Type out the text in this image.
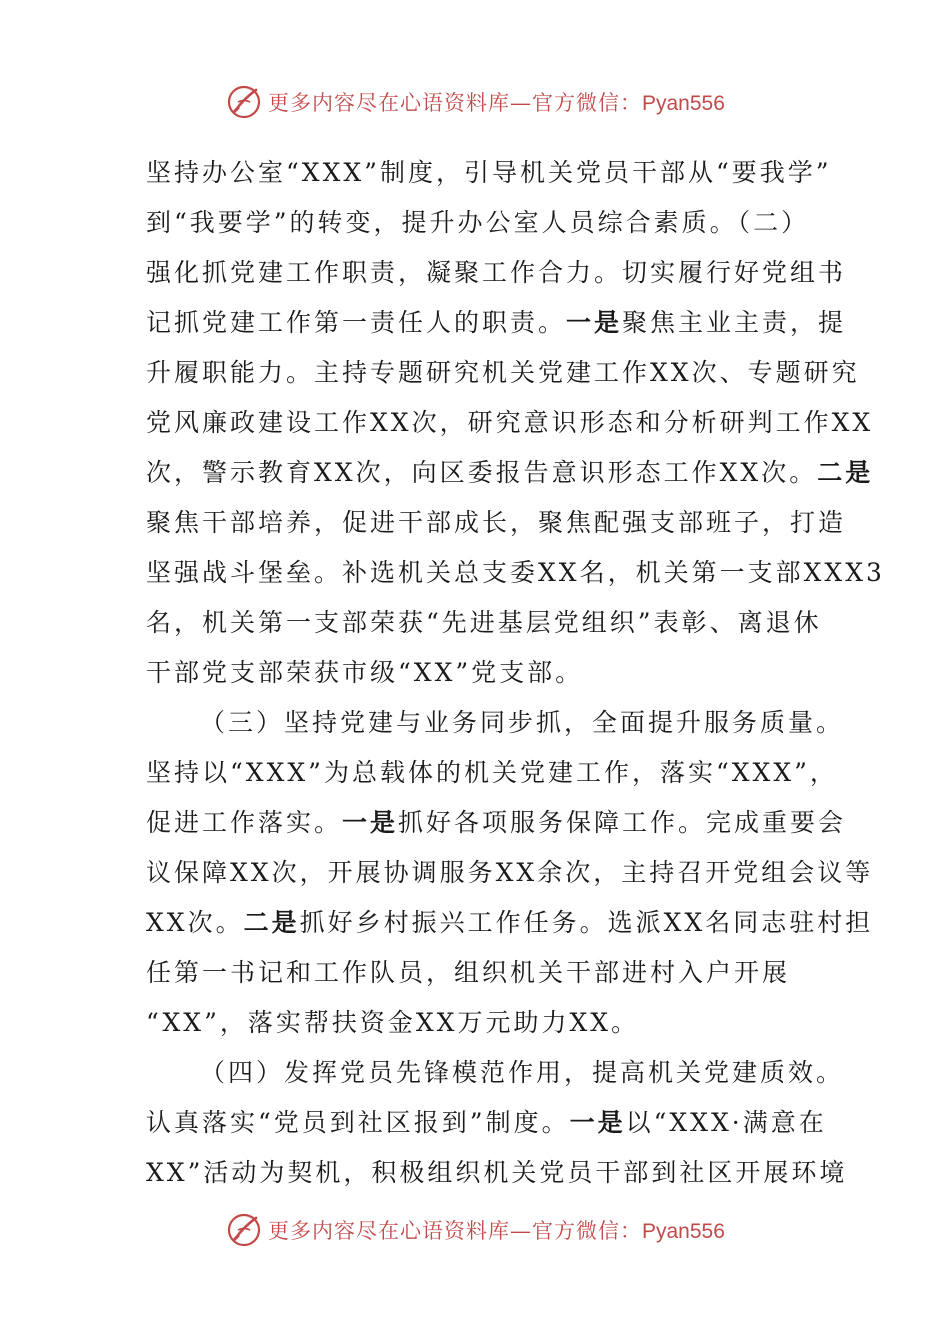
更多内容尽在心语资料库—官方微信：Pyan556
坚持办公室“XXX”制度，引导机关党员干部从“要我学”
到“我要学”的转变，提升办公室人员综合素质。（二）
强化抓党建工作职责，凝聚工作合力。切实履行好党组书
记抓党建工作第一责任人的职责。一是聚焦主业主责，提
升履职能力。主持专题研究机关党建工作XX次、专题研究
党风廉政建设工作XX次，研究意识形态和分析研判工作XX
次，警示教育XX次，向区委报告意识形态工作XX次。二是
聚焦干部培养，促进干部成长，聚焦配强支部班子，打造
坚强战斗堡垒。补选机关总支委XX名，机关第一支部XXX3
名，机关第一支部荣获“先进基层党组织”表彰、离退休
干部党支部荣获市级“XX”党支部。
（三）坚持党建与业务同步抓，全面提升服务质量。
坚持以“XXX”为总载体的机关党建工作，落实“XXX”，
促进工作落实。一是抓好各项服务保障工作。完成重要会
议保障XX次，开展协调服务XX余次，主持召开党组会议等
XX次。二是抓好乡村振兴工作任务。选派XX名同志驻村担
任第一书记和工作队员，组织机关干部进村入户开展
“XX”，落实帮扶资金XX万元助力XX。
（四）发挥党员先锋模范作用，提高机关党建质效。
认真落实“党员到社区报到”制度。一是以“XXX·满意在
XX”活动为契机，积极组织机关党员干部到社区开展环境
更多内容尽在心语资料库—官方微信：Pyan556
